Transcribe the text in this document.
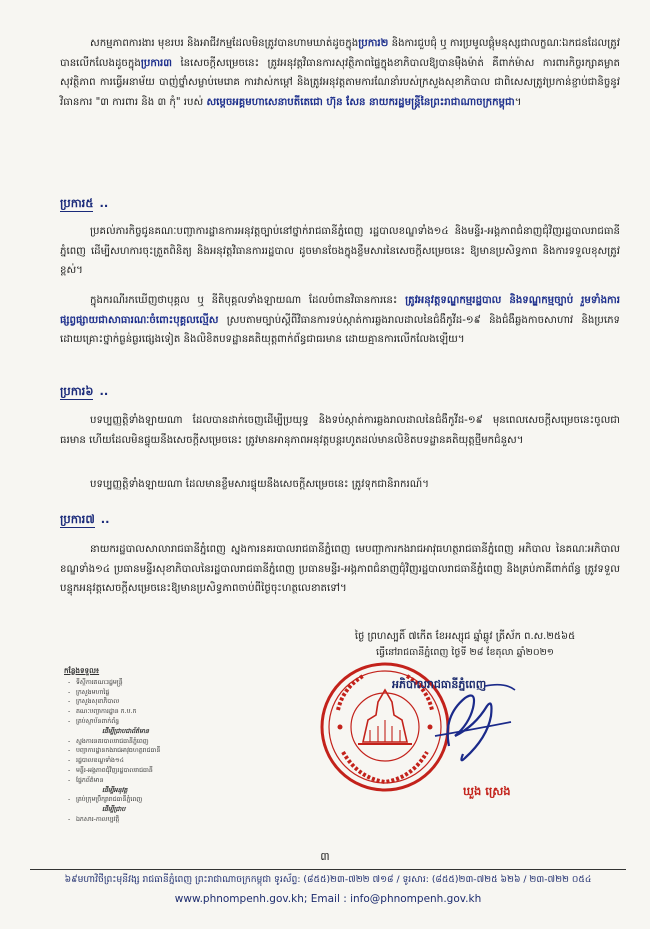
សកម្មភាពការងារ មុខរបរ និងអាជីវកម្មដែលមិនត្រូវបានហាមឃាត់ដូចក្នុងប្រការ២ និងការជួបជុំ ឬ ការប្រមូលផ្តុំមនុស្សជាលក្ខណៈឯកជនដែលត្រូវបានលើកលែងដូចក្នុងប្រការ៣ នៃសេចក្តីសម្រេចនេះ ត្រូវអនុវត្តវិធានការសុវត្ថិភាពផ្ទៃក្នុងខាភិបាលឱ្យបានម៉ឺងម៉ាត់ គឺពាក់ម៉ាស ការពារកិច្ចរក្សាគម្លាតសុវត្ថិភាព ការធ្វើអនាម័យ បាញ់ថ្នាំសម្លាប់មេរោគ ការវាស់កម្តៅ និងត្រូវអនុវត្តតាមការណែនាំរបស់ក្រសួងសុខាភិបាល ជាពិសេសត្រូវប្រកាន់ខ្ជាប់ជានិច្ចនូវវិធានការ "៣ ការពារ និង ៣ កុំ" របស់ សម្តេចអគ្គមហាសេនាបតីតេជោ ហ៊ុន សែន នាយករដ្ឋមន្ត្រីនៃព្រះរាជាណាចក្រកម្ពុជា។

ប្រការ៥ ..

ប្រគល់ភារកិច្ចជូនគណៈបញ្ជាការដ្ឋានការអនុវត្តច្បាប់នៅថ្នាក់រាជធានីភ្នំពេញ រដ្ឋបាលខណ្ឌទាំង១៤ និងមន្ទីរ-អង្គភាពជំនាញជុំវិញរដ្ឋបាលរាជធានីភ្នំពេញ ដើម្បីសហការចុះត្រួតពិនិត្យ និងអនុវត្តវិធានការរដ្ឋបាល ដូចមានចែងក្នុងខ្លឹមសារនៃសេចក្តីសម្រេចនេះ ឱ្យមានប្រសិទ្ធភាព និងការទទួលខុសត្រូវខ្ពស់។

ក្នុងករណីរកឃើញថាបុគ្គល ឬ នីតិបុគ្គលទាំងឡាយណា ដែលបំពានវិធានការនេះ ត្រូវអនុវត្តទណ្ឌកម្មរដ្ឋបាល និងទណ្ឌកម្មច្បាប់ រួមទាំងការផ្សព្វផ្សាយជាសាធារណៈចំពោះបុគ្គលល្មើស ស្របតាមច្បាប់ស្តីពីវិធានការទប់ស្កាត់ការឆ្លងរាលដាលនៃជំងឺកូវីដ-១៩ និងជំងឺឆ្លងកាចសាហាវ និងប្រភេទដោយគ្រោះថ្នាក់ធ្ងន់ធ្ងរផ្សេងទៀត និងលិខិតបទដ្ឋានគតិយុត្តពាក់ព័ន្ធជាធរមាន ដោយគ្មានការលើកលែងឡើយ។

ប្រការ៦ ..

បទប្បញ្ញត្តិទាំងឡាយណា ដែលបានដាក់ចេញដើម្បីប្រយុទ្ធ និងទប់ស្កាត់ការឆ្លងរាលដាលនៃជំងឺកូវីដ-១៩ មុនពេលសេចក្តីសម្រេចនេះចូលជាធរមាន ហើយដែលមិនផ្ទុយនឹងសេចក្តីសម្រេចនេះ ត្រូវមានអានុភាពអនុវត្តបន្តរហូតដល់មានលិខិតបទដ្ឋានគតិយុត្តថ្មីមកជំនួស។

បទប្បញ្ញត្តិទាំងឡាយណា ដែលមានខ្លឹមសារផ្ទុយនឹងសេចក្តីសម្រេចនេះ ត្រូវទុកជានិរាករណ៍។

ប្រការ៧ ..

នាយករដ្ឋបាលសាលារាជធានីភ្នំពេញ ស្នងការនគរបាលរាជធានីភ្នំពេញ មេបញ្ជាការកងរាជអាវុធហត្ថរាជធានីភ្នំពេញ អភិបាល នៃគណៈអភិបាលខណ្ឌទាំង១៤ ប្រធានមន្ទីរសុខាភិបាលនៃរដ្ឋបាលរាជធានីភ្នំពេញ ប្រធានមន្ទីរ-អង្គភាពជំនាញជុំវិញរដ្ឋបាលរាជធានីភ្នំពេញ និងគ្រប់ភាគីពាក់ព័ន្ធ ត្រូវទទួលបន្ទុកអនុវត្តសេចក្តីសម្រេចនេះឱ្យមានប្រសិទ្ធភាពចាប់ពីថ្ងៃចុះហត្ថលេខាតទៅ។

ថ្ងៃ ព្រហស្បតិ៍ ៧កើត ខែអស្សុជ ឆ្នាំឆ្លូវ ត្រីស័ក ព.ស.២៥៦៥
ធ្វើនៅរាជធានីភ្នំពេញ ថ្ងៃទី ២៨ ខែតុលា ឆ្នាំ២០២១
អភិបាលរាជធានីភ្នំពេញ
ឃួង ស្រេង
កន្លែងទទួល៖
- ទីស្តីការគណៈរដ្ឋមន្ត្រី
- ក្រសួងមហាផ្ទៃ
- ក្រសួងសុខាភិបាល
- គណៈបញ្ជាការដ្ឋាន ក.ប.ក
- គ្រប់ស្ថាប័នពាក់ព័ន្ធ
ដើម្បីជ្រាបជាព័ត៌មាន
- ស្នងការនគរបាលរាជធានីភ្នំពេញ
- បញ្ជាការដ្ឋានកងរាជអាវុធហត្ថរាជធានី
- រដ្ឋបាលខណ្ឌទាំង១៤
- មន្ទីរ-អង្គភាពជុំវិញរដ្ឋបាលរាជធានី
- ផ្នែកព័ត៌មាន
ដើម្បីអនុវត្ត
- គ្រប់ក្រុមប្រឹក្សារាជធានីភ្នំពេញ
ដើម្បីជ្រាប
- ឯកសារ-កាលប្បវត្តិ
៣
៦៩មហាវិថីព្រះមុនីវង្ស រាជធានីភ្នំពេញ ព្រះរាជាណាចក្រកម្ពុជា ទូរស័ព្ទ: (៨៥៥)២៣-៧២២ ៧១៨ / ទូរសារ: (៨៥៥)២៣-៧២៥ ៦២៦ / ២៣-៧២២ ០៥៤
www.phnompenh.gov.kh; Email : info@phnompenh.gov.kh
